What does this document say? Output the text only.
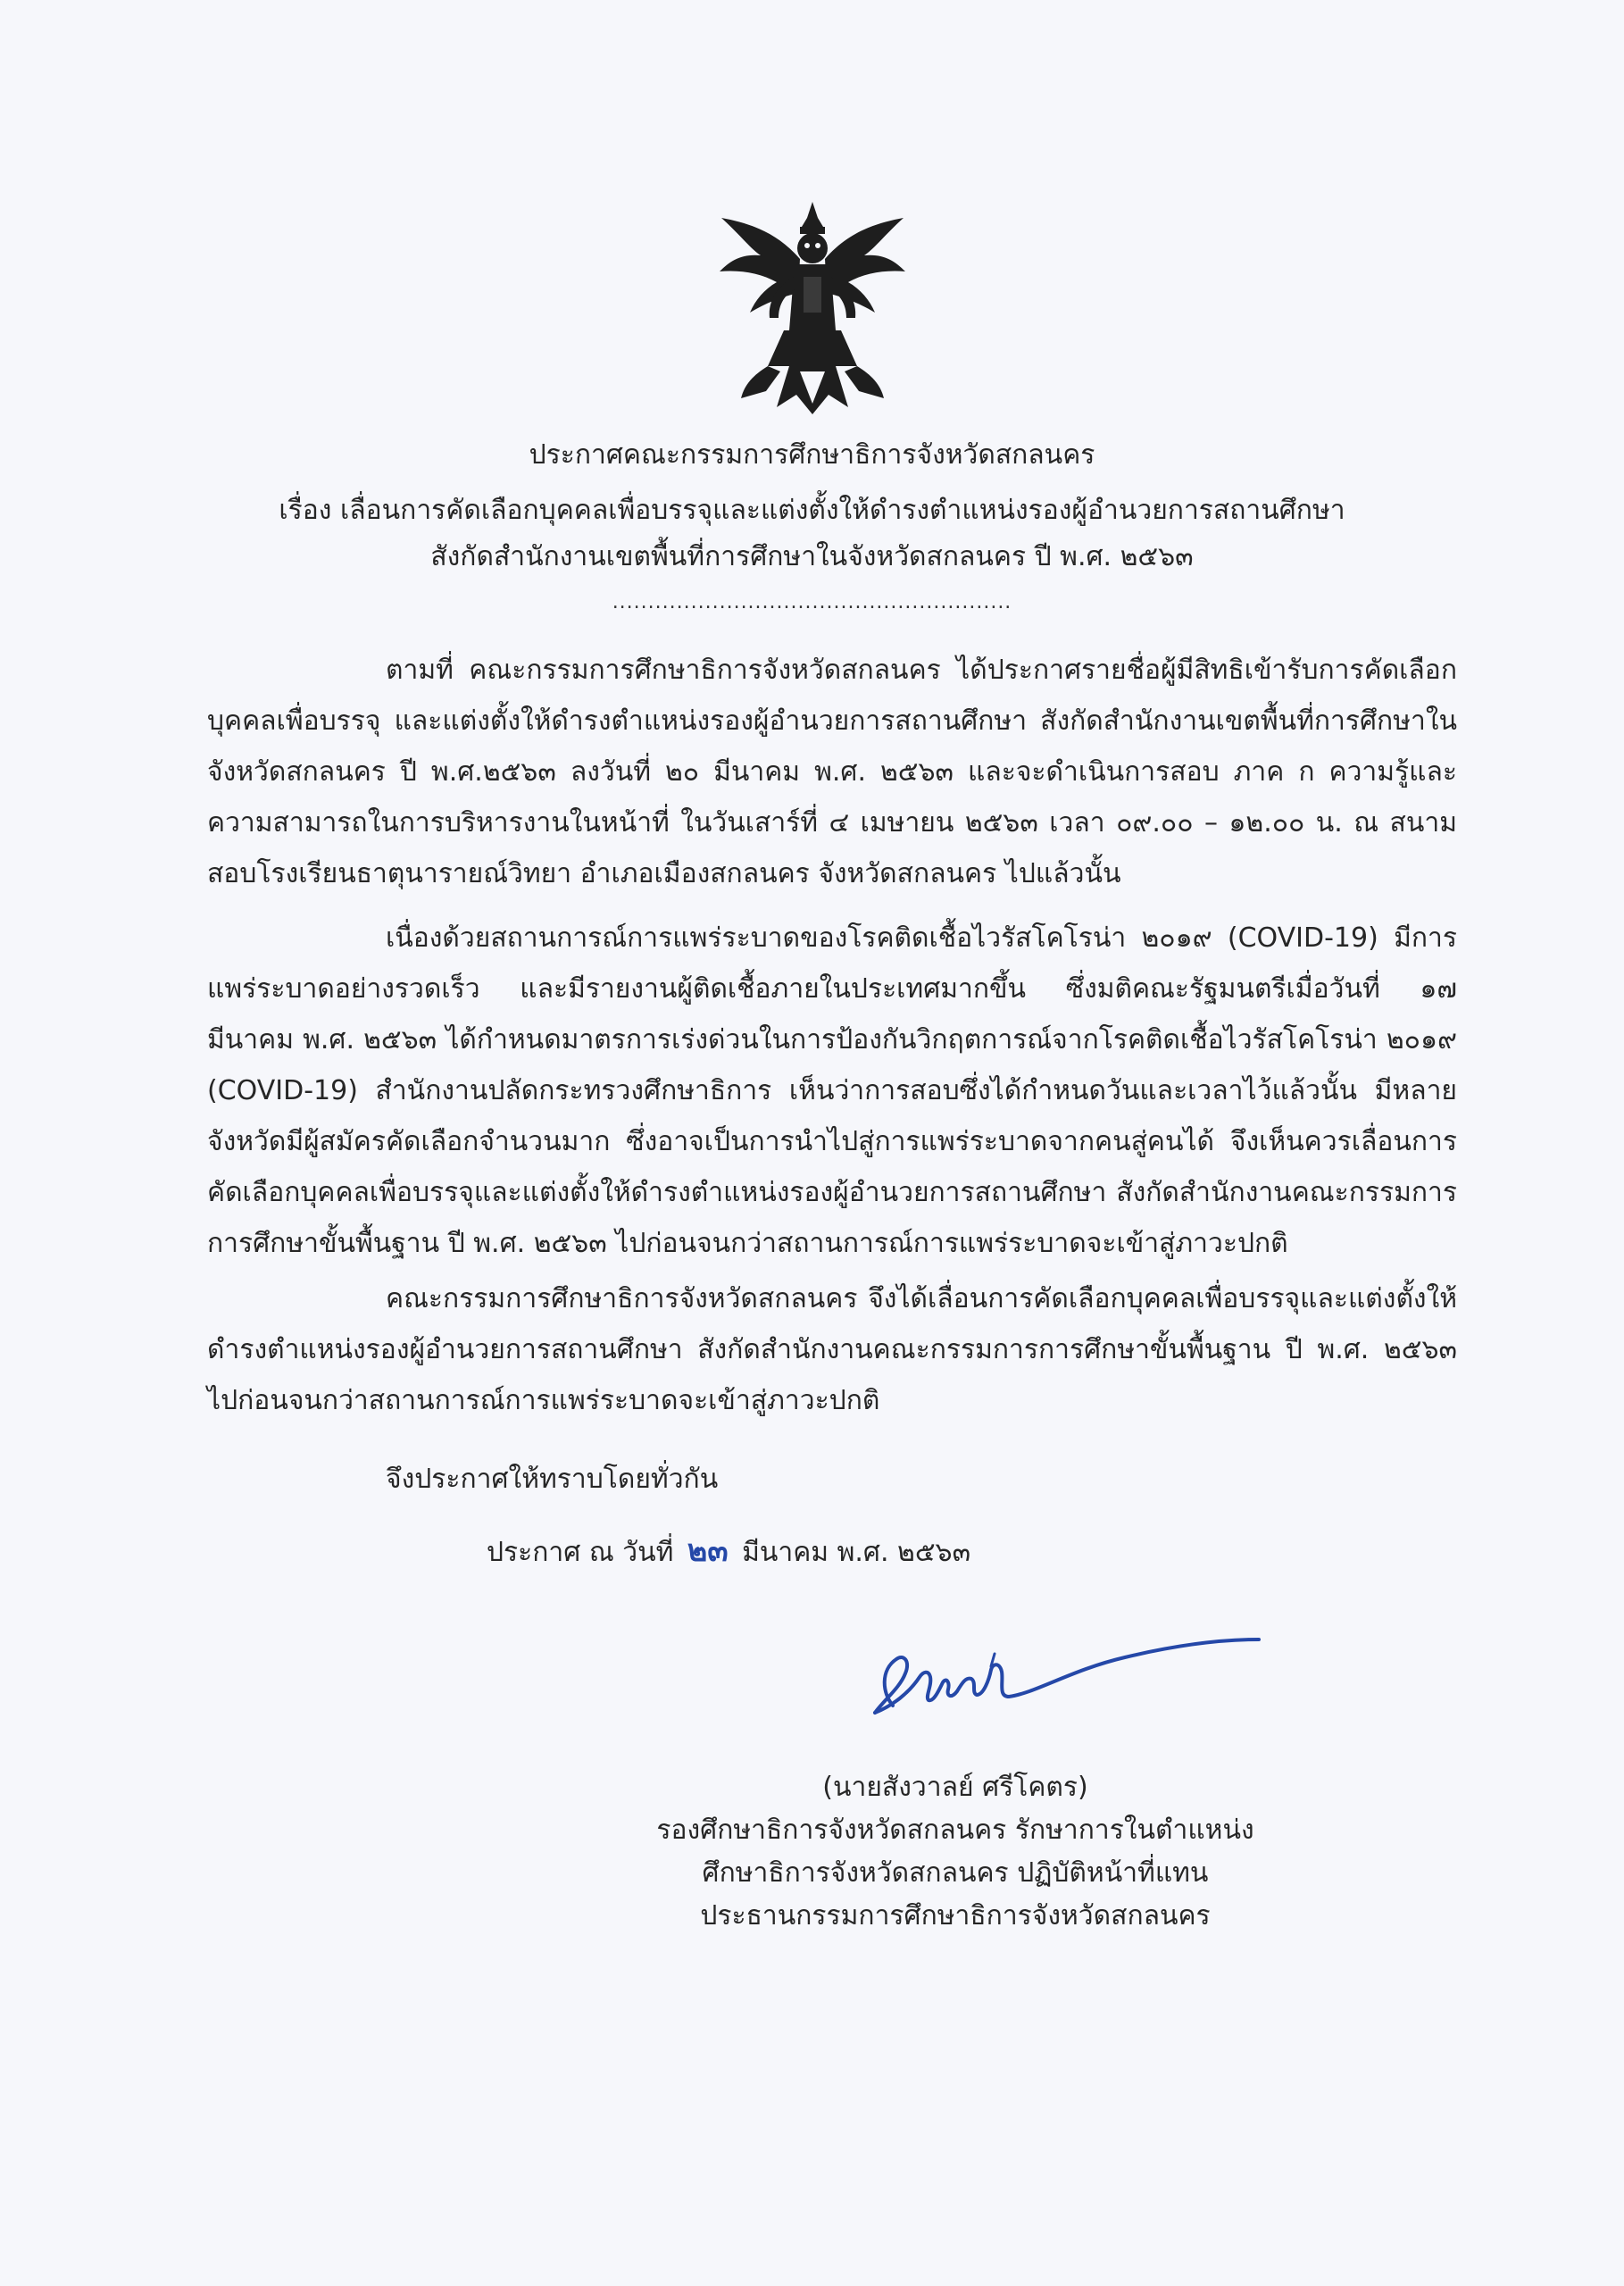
ประกาศคณะกรรมการศึกษาธิการจังหวัดสกลนคร
เรื่อง เลื่อนการคัดเลือกบุคคลเพื่อบรรจุและแต่งตั้งให้ดำรงตำแหน่งรองผู้อำนวยการสถานศึกษา
สังกัดสำนักงานเขตพื้นที่การศึกษาในจังหวัดสกลนคร ปี พ.ศ. ๒๕๖๓
........................................................
ตามที่ คณะกรรมการศึกษาธิการจังหวัดสกลนคร ได้ประกาศรายชื่อผู้มีสิทธิเข้ารับการคัดเลือกบุคคลเพื่อบรรจุ และแต่งตั้งให้ดำรงตำแหน่งรองผู้อำนวยการสถานศึกษา สังกัดสำนักงานเขตพื้นที่การศึกษาในจังหวัดสกลนคร ปี พ.ศ.๒๕๖๓ ลงวันที่ ๒๐ มีนาคม พ.ศ. ๒๕๖๓ และจะดำเนินการสอบ ภาค ก ความรู้และความสามารถในการบริหารงานในหน้าที่ ในวันเสาร์ที่ ๔ เมษายน ๒๕๖๓ เวลา ๐๙.๐๐ – ๑๒.๐๐ น. ณ สนามสอบโรงเรียนธาตุนารายณ์วิทยา อำเภอเมืองสกลนคร จังหวัดสกลนคร ไปแล้วนั้น
เนื่องด้วยสถานการณ์การแพร่ระบาดของโรคติดเชื้อไวรัสโคโรน่า ๒๐๑๙ (COVID-19) มีการแพร่ระบาดอย่างรวดเร็ว และมีรายงานผู้ติดเชื้อภายในประเทศมากขึ้น ซึ่งมติคณะรัฐมนตรีเมื่อวันที่ ๑๗ มีนาคม พ.ศ. ๒๕๖๓ ได้กำหนดมาตรการเร่งด่วนในการป้องกันวิกฤตการณ์จากโรคติดเชื้อไวรัสโคโรน่า ๒๐๑๙ (COVID-19) สำนักงานปลัดกระทรวงศึกษาธิการ เห็นว่าการสอบซึ่งได้กำหนดวันและเวลาไว้แล้วนั้น มีหลายจังหวัดมีผู้สมัครคัดเลือกจำนวนมาก ซึ่งอาจเป็นการนำไปสู่การแพร่ระบาดจากคนสู่คนได้ จึงเห็นควรเลื่อนการคัดเลือกบุคคลเพื่อบรรจุและแต่งตั้งให้ดำรงตำแหน่งรองผู้อำนวยการสถานศึกษา สังกัดสำนักงานคณะกรรมการการศึกษาขั้นพื้นฐาน ปี พ.ศ. ๒๕๖๓ ไปก่อนจนกว่าสถานการณ์การแพร่ระบาดจะเข้าสู่ภาวะปกติ
คณะกรรมการศึกษาธิการจังหวัดสกลนคร จึงได้เลื่อนการคัดเลือกบุคคลเพื่อบรรจุและแต่งตั้งให้ดำรงตำแหน่งรองผู้อำนวยการสถานศึกษา สังกัดสำนักงานคณะกรรมการการศึกษาขั้นพื้นฐาน ปี พ.ศ. ๒๕๖๓ ไปก่อนจนกว่าสถานการณ์การแพร่ระบาดจะเข้าสู่ภาวะปกติ
จึงประกาศให้ทราบโดยทั่วกัน
ประกาศ ณ วันที่ ๒๓ มีนาคม พ.ศ. ๒๕๖๓
(นายสังวาลย์ ศรีโคตร)
รองศึกษาธิการจังหวัดสกลนคร รักษาการในตำแหน่ง
ศึกษาธิการจังหวัดสกลนคร ปฏิบัติหน้าที่แทน
ประธานกรรมการศึกษาธิการจังหวัดสกลนคร
